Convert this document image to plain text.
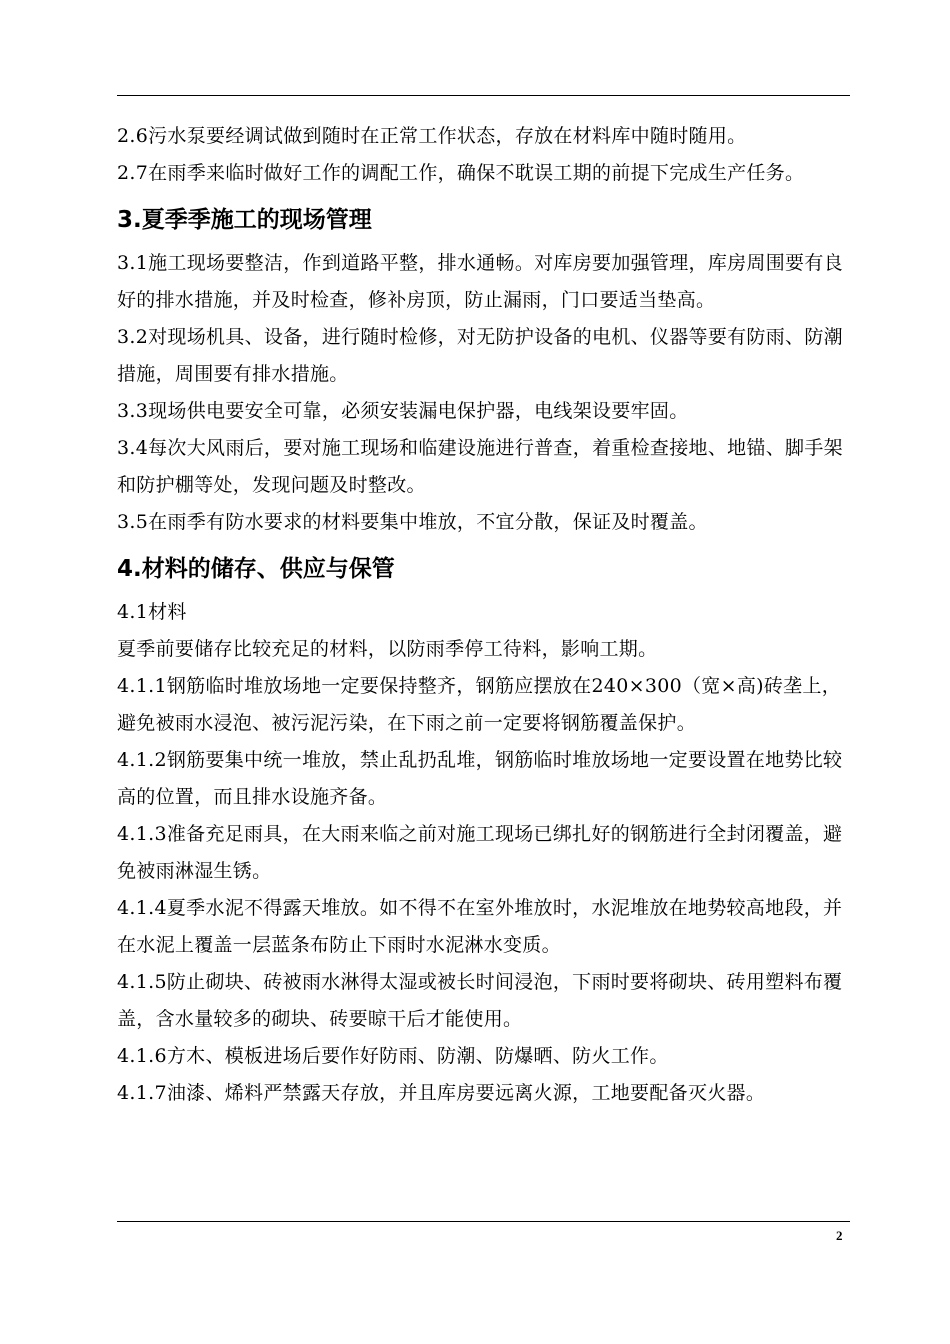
2.6污水泵要经调试做到随时在正常工作状态，存放在材料库中随时随用。

2.7在雨季来临时做好工作的调配工作，确保不耽误工期的前提下完成生产任务。

3.夏季季施工的现场管理

3.1施工现场要整洁，作到道路平整，排水通畅。对库房要加强管理，库房周围要有良好的排水措施，并及时检查，修补房顶，防止漏雨，门口要适当垫高。

3.2对现场机具、设备，进行随时检修，对无防护设备的电机、仪器等要有防雨、防潮措施，周围要有排水措施。

3.3现场供电要安全可靠，必须安装漏电保护器，电线架设要牢固。

3.4每次大风雨后，要对施工现场和临建设施进行普查，着重检查接地、地锚、脚手架和防护棚等处，发现问题及时整改。

3.5在雨季有防水要求的材料要集中堆放，不宜分散，保证及时覆盖。

4.材料的储存、供应与保管

4.1材料

夏季前要储存比较充足的材料，以防雨季停工待料，影响工期。

4.1.1钢筋临时堆放场地一定要保持整齐，钢筋应摆放在240×300（宽×高)砖垄上，避免被雨水浸泡、被污泥污染，在下雨之前一定要将钢筋覆盖保护。

4.1.2钢筋要集中统一堆放，禁止乱扔乱堆，钢筋临时堆放场地一定要设置在地势比较高的位置，而且排水设施齐备。

4.1.3准备充足雨具，在大雨来临之前对施工现场已绑扎好的钢筋进行全封闭覆盖，避免被雨淋湿生锈。

4.1.4夏季水泥不得露天堆放。如不得不在室外堆放时，水泥堆放在地势较高地段，并在水泥上覆盖一层蓝条布防止下雨时水泥淋水变质。

4.1.5防止砌块、砖被雨水淋得太湿或被长时间浸泡，下雨时要将砌块、砖用塑料布覆盖，含水量较多的砌块、砖要晾干后才能使用。

4.1.6方木、模板进场后要作好防雨、防潮、防爆晒、防火工作。

4.1.7油漆、烯料严禁露天存放，并且库房要远离火源，工地要配备灭火器。

2
